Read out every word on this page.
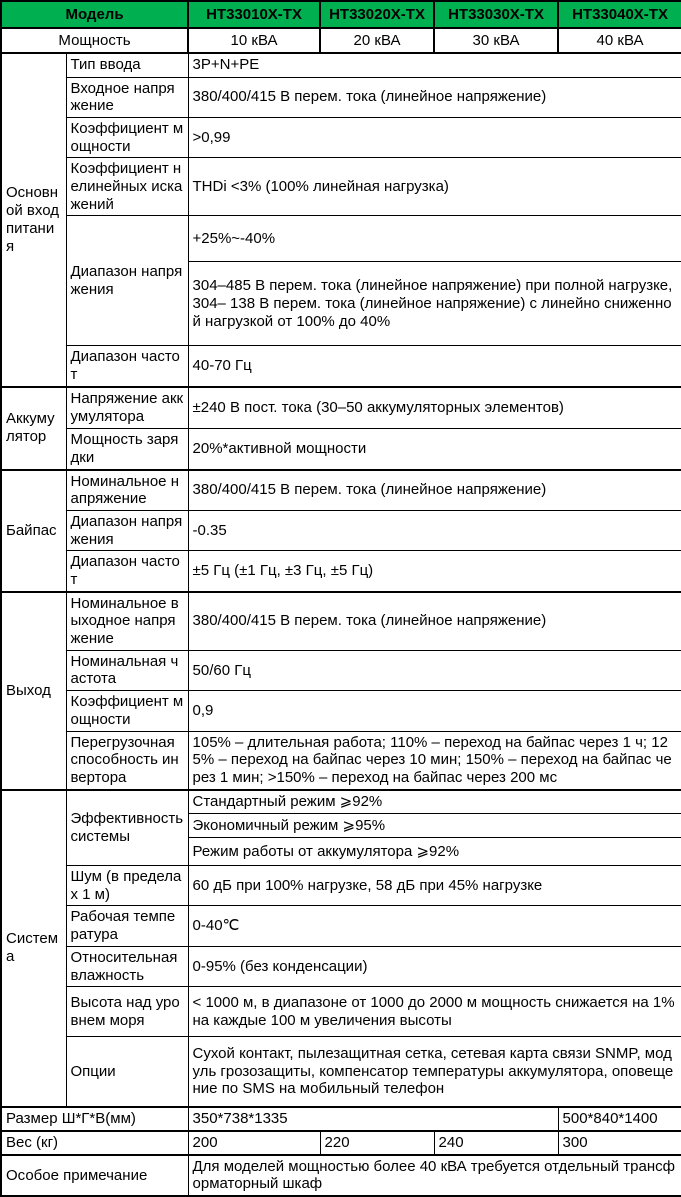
Модель		HT33010X-TX	HT33020X-TX	HT33030X-TX	HT33040X-TX
Мощность		10 кВА	20 кВА	30 кВА	40 кВА
Основной вход питания	Тип ввода	3P+N+PE			
	Входное напряжение	380/400/415 В перем. тока (линейное напряжение)			
	Коэффициент мощности	>0,99			
	Коэффициент нелинейных искажений	THDi <3% (100% линейная нагрузка)			
	Диапазон напряжения	+25%~-40%			
		304–485 В перем. тока (линейное напряжение) при полной нагрузке, 304– 138 В перем. тока (линейное напряжение) с линейно сниженной нагрузкой от 100% до 40%			
	Диапазон частот	40-70 Гц			
Аккумулятор	Напряжение аккумулятора	±240 В пост. тока (30–50 аккумуляторных элементов)			
	Мощность зарядки	20%*активной мощности			
Байпас	Номинальное напряжение	380/400/415 В перем. тока (линейное напряжение)			
	Диапазон напряжения	-0.35			
	Диапазон частот	±5 Гц (±1 Гц, ±3 Гц, ±5 Гц)			
Выход	Номинальное выходное напряжение	380/400/415 В перем. тока (линейное напряжение)			
	Номинальная частота	50/60 Гц			
	Коэффициент мощности	0,9			
	Перегрузочная способность инвертора	105% – длительная работа; 110% – переход на байпас через 1 ч; 125% – переход на байпас через 10 мин; 150% – переход на байпас через 1 мин; >150% – переход на байпас через 200 мс			
Система	Эффективность системы	Стандартный режим ⩾92%			
		Экономичный режим ⩾95%			
		Режим работы от аккумулятора ⩾92%			
	Шум (в пределах 1 м)	60 дБ при 100% нагрузке, 58 дБ при 45% нагрузке			
	Рабочая температура	0-40℃			
	Относительная влажность	0-95% (без конденсации)			
	Высота над уровнем моря	< 1000 м, в диапазоне от 1000 до 2000 м мощность снижается на 1% на каждые 100 м увеличения высоты			
	Опции	Сухой контакт, пылезащитная сетка, сетевая карта связи SNMP, модуль грозозащиты, компенсатор температуры аккумулятора, оповещение по SMS на мобильный телефон			
Размер Ш*Г*В(мм)		350*738*1335			500*840*1400
Вес (кг)		200	220	240	300
Особое примечание		Для моделей мощностью более 40 кВА требуется отдельный трансформаторный шкаф			
